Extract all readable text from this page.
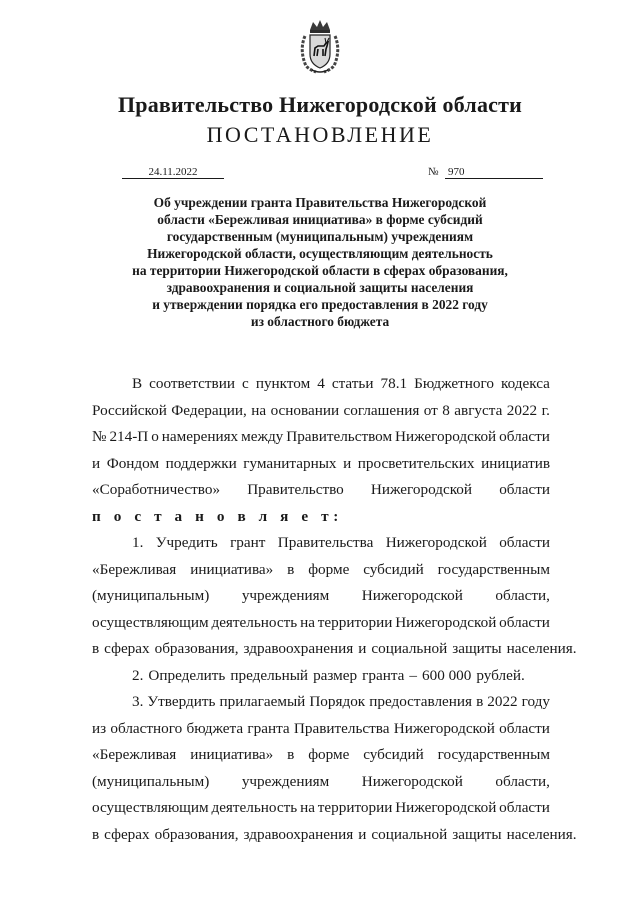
Правительство Нижегородской области
ПОСТАНОВЛЕНИЕ
24.11.2022	№ 970
Об учреждении гранта Правительства Нижегородской
области «Бережливая инициатива» в форме субсидий
государственным (муниципальным) учреждениям
Нижегородской области, осуществляющим деятельность
на территории Нижегородской области в сферах образования,
здравоохранения и социальной защиты населения
и утверждении порядка его предоставления в 2022 году
из областного бюджета
В соответствии с пунктом 4 статьи 78.1 Бюджетного кодекса
Российской Федерации, на основании соглашения от 8 августа 2022 г.
№ 214-П о намерениях между Правительством Нижегородской области
и Фондом поддержки гуманитарных и просветительских инициатив
«Соработничество» Правительство Нижегородской области
п о с т а н о в л я е т:
1. Учредить грант Правительства Нижегородской области
«Бережливая инициатива» в форме субсидий государственным
(муниципальным) учреждениям Нижегородской области,
осуществляющим деятельность на территории Нижегородской области
в сферах образования, здравоохранения и социальной защиты населения.
2. Определить предельный размер гранта – 600 000 рублей.
3. Утвердить прилагаемый Порядок предоставления в 2022 году
из областного бюджета гранта Правительства Нижегородской области
«Бережливая инициатива» в форме субсидий государственным
(муниципальным) учреждениям Нижегородской области,
осуществляющим деятельность на территории Нижегородской области
в сферах образования, здравоохранения и социальной защиты населения.
